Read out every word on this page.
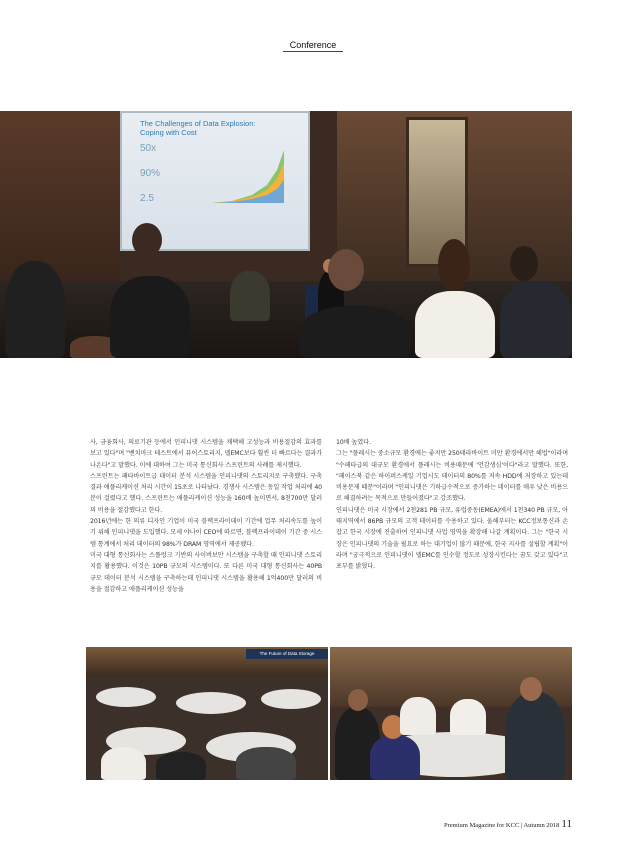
Conference
The Challenges of Data Explosion:
Coping with Cost
50x
90%
2.5

사, 금융회사, 의료기관 등에서 인피니댓 시스템을 채택해 고성능과 비용절감의 효과를 보고 있다"며 "벤치마크 테스트에서 퓨어스토리지, 델EMC보다 훨씬 더 빠르다는 결과가 나온다"고 말했다. 이에 대하여 그는 미국 통신회사 스프린트의 사례를 제시했다.

스프린트는 페타바이트급 데이터 분석 시스템을 인피니댓의 스토리지로 구축했다. 구축 결과 애플리케이션 처리 시간이 15초로 나타났다. 경쟁사 시스템은 동일 작업 처리에 40분이 걸렸다고 했다. 스프린트는 애플리케이션 성능을 160배 높이면서, 8천700만 달러의 비용을 절감했다고 한다.

2016년에는 한 의류 디자인 기업이 미국 블랙프라이데이 기간에 업무 처리속도를 높이기 위해 인피니댓을 도입했다. 모세 야나이 CEO에 따르면, 블랙프라이데이 기간 중 시스템 통계에서 처리 데이터의 98%가 DRAM 영역에서 제공됐다.

미국 대형 통신회사는 스플렁크 기반의 사이버보안 시스템을 구축할 때 인피니댓 스토리지를 활용했다. 이것은 10PB 규모의 시스템이다. 또 다른 미국 대형 통신회사는 40PB 규모 데이터 분석 시스템을 구축하는데 인피니댓 시스템을 활용해 1억400만 달러의 비용을 절감하고 애플리케이션 성능을

10배 높였다.

그는 "플래시는 중소규모 환경에는 좋지만 250테라바이트 미만 환경에서만 해법"이라며 "수페타급의 대규모 환경에서 플래시는 비용때문에 '언감생심'이다"라고 말했다. 또한, "페이스북 같은 하이퍼스케일 기업시도 데이터의 80%를 저속 HDD에 저장하고 있는데 비용문제 때문"이라며 "인피니댓은 기하급수적으로 증가하는 데이터를 매우 낮은 비용으로 해결하려는 목적으로 만들어졌다"고 강조했다.

인피니댓은 미국 시장에서 2천281 PB 규모, 유럽중동(EMEA)에서 1천340 PB 규모, 아태지역에서 86PB 규모의 고객 데이터를 수용하고 있다. 올해부터는 KCC정보통신과 손잡고 한국 시장에 진출하여 인피니댓 사업 영역을 확장해 나갈 계획이다. 그는 "한국 시장은 인피니댓의 기술을 필요로 하는 대기업이 많기 때문에, 한국 지사를 설립할 계획"이라며 "궁극적으로 인피니댓이 델EMC를 인수할 정도로 성장시킨다는 꿈도 갖고 있다"고 포부를 밝혔다.

The Future of Data Storage
Premium Magazine for KCC | Autumn 2018 11
